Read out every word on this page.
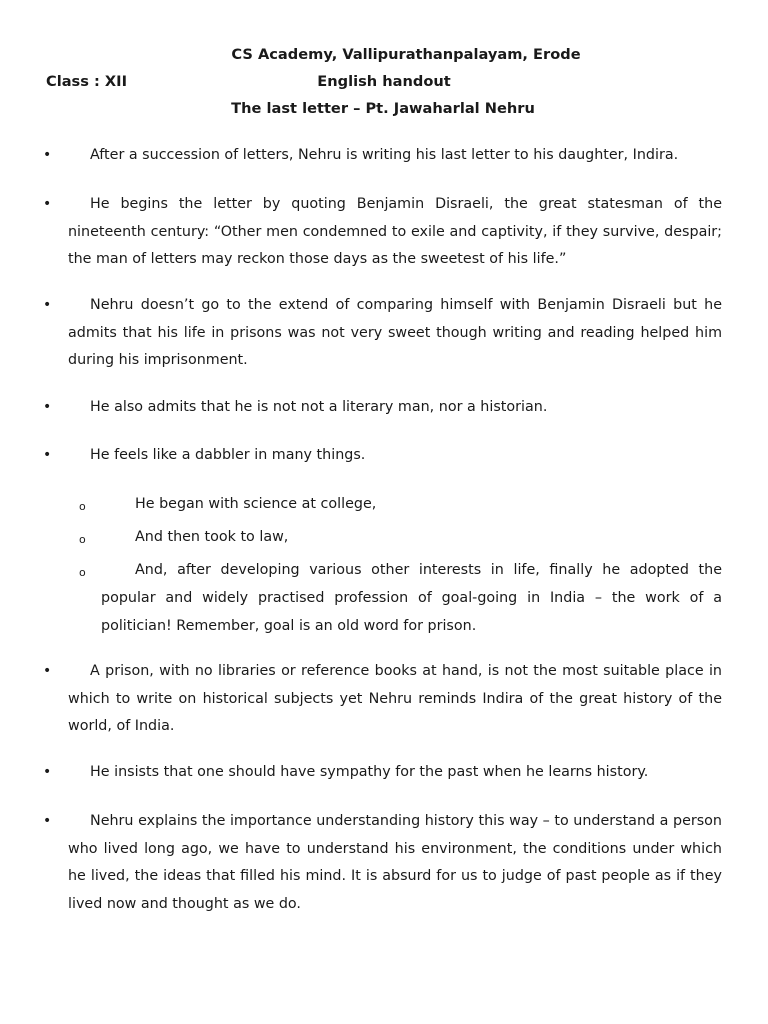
CS Academy, Vallipurathanpalayam, Erode
Class : XII	English handout
The last letter – Pt. Jawaharlal Nehru
•	After a succession of letters, Nehru is writing his last letter to his daughter, Indira.
•	He begins the letter by quoting Benjamin Disraeli, the great statesman of the nineteenth century: “Other men condemned to exile and captivity, if they survive, despair; the man of letters may reckon those days as the sweetest of his life.”
•	Nehru doesn’t go to the extend of comparing himself with Benjamin Disraeli but he admits that his life in prisons was not very sweet though writing and reading helped him during his imprisonment.
•	He also admits that he is not not a literary man, nor a historian.
•	He feels like a dabbler in many things.
o	He began with science at college,
o	And then took to law,
o	And, after developing various other interests in life, finally he adopted the popular and widely practised profession of goal-going in India – the work of a politician! Remember, goal is an old word for prison.
•	A prison, with no libraries or reference books at hand, is not the most suitable place in which to write on historical subjects yet Nehru reminds Indira of the great history of the world, of India.
•	He insists that one should have sympathy for the past when he learns history.
•	Nehru explains the importance understanding history this way – to understand a person who lived long ago, we have to understand his environment, the conditions under which he lived, the ideas that filled his mind. It is absurd for us to judge of past people as if they lived now and thought as we do.
